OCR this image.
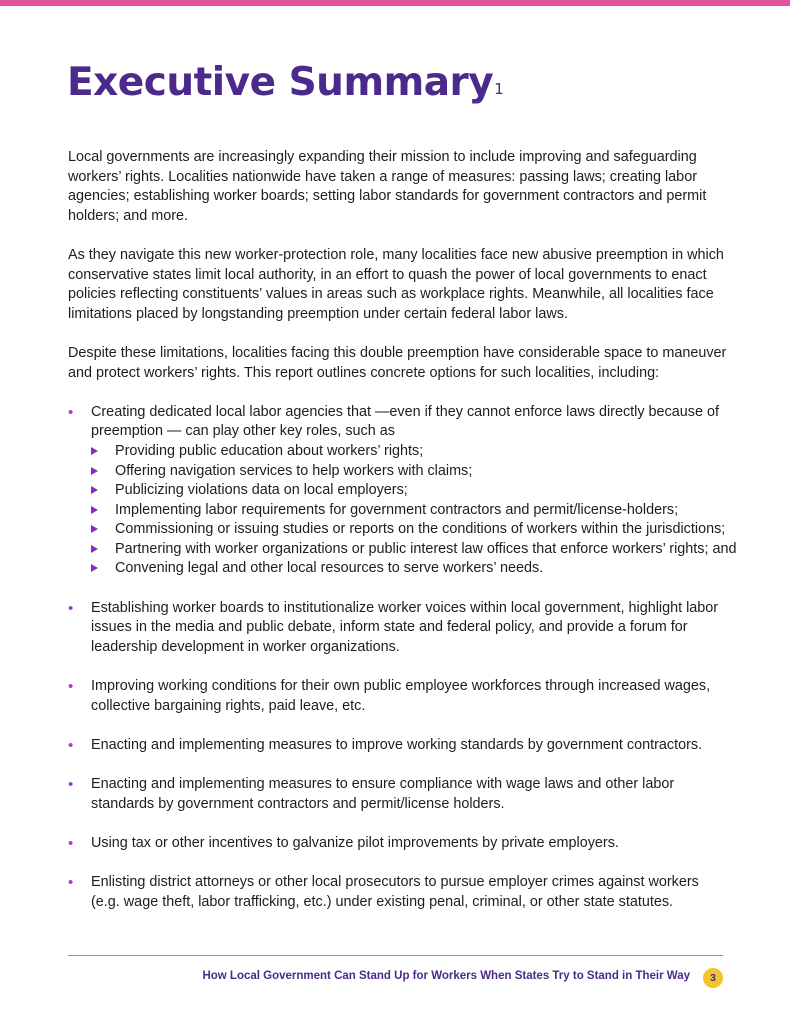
Executive Summary$^1$

Local governments are increasingly expanding their mission to include improving and safeguarding workers’ rights. Localities nationwide have taken a range of measures: passing laws; creating labor agencies; establishing worker boards; setting labor standards for government contractors and permit holders; and more.

As they navigate this new worker-protection role, many localities face new abusive preemption in which conservative states limit local authority, in an effort to quash the power of local governments to enact policies reflecting constituents’ values in areas such as workplace rights. Meanwhile, all localities face limitations placed by longstanding preemption under certain federal labor laws.

Despite these limitations, localities facing this double preemption have considerable space to maneuver and protect workers’ rights. This report outlines concrete options for such localities, including:

• Creating dedicated local labor agencies that —even if they cannot enforce laws directly because of preemption — can play other key roles, such as
Providing public education about workers’ rights;
Offering navigation services to help workers with claims;
Publicizing violations data on local employers;
Implementing labor requirements for government contractors and permit/license-holders;
Commissioning or issuing studies or reports on the conditions of workers within the jurisdictions;
Partnering with worker organizations or public interest law offices that enforce workers’ rights; and
Convening legal and other local resources to serve workers’ needs.
• Establishing worker boards to institutionalize worker voices within local government, highlight labor issues in the media and public debate, inform state and federal policy, and provide a forum for leadership development in worker organizations.
• Improving working conditions for their own public employee workforces through increased wages, collective bargaining rights, paid leave, etc.
• Enacting and implementing measures to improve working standards by government contractors.
• Enacting and implementing measures to ensure compliance with wage laws and other labor standards by government contractors and permit/license holders.
• Using tax or other incentives to galvanize pilot improvements by private employers.
• Enlisting district attorneys or other local prosecutors to pursue employer crimes against workers (e.g. wage theft, labor trafficking, etc.) under existing penal, criminal, or other state statutes.
How Local Government Can Stand Up for Workers When States Try to Stand in Their Way	3
